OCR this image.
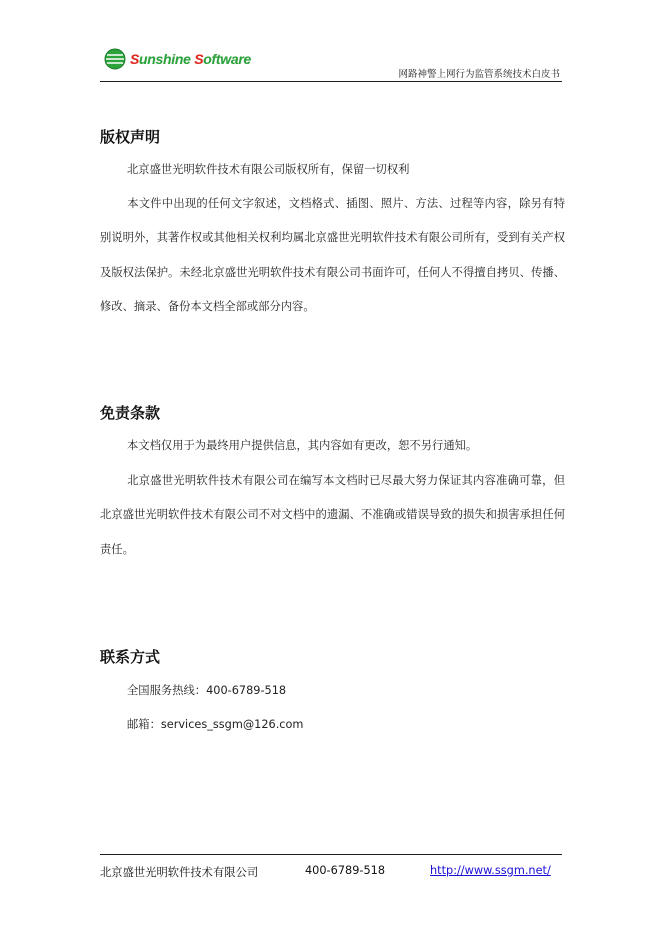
Sunshine Software
网路神警上网行为监管系统技术白皮书
版权声明
北京盛世光明软件技术有限公司版权所有，保留一切权利
本文件中出现的任何文字叙述，文档格式、插图、照片、方法、过程等内容，除另有特别说明外，其著作权或其他相关权利均属北京盛世光明软件技术有限公司所有，受到有关产权及版权法保护。未经北京盛世光明软件技术有限公司书面许可，任何人不得擅自拷贝、传播、修改、摘录、备份本文档全部或部分内容。
免责条款
本文档仅用于为最终用户提供信息，其内容如有更改，恕不另行通知。
北京盛世光明软件技术有限公司在编写本文档时已尽最大努力保证其内容准确可靠，但北京盛世光明软件技术有限公司不对文档中的遗漏、不准确或错误导致的损失和损害承担任何责任。
联系方式
全国服务热线：400-6789-518
邮箱：services_ssgm@126.com
北京盛世光明软件技术有限公司	400-6789-518	http://www.ssgm.net/
